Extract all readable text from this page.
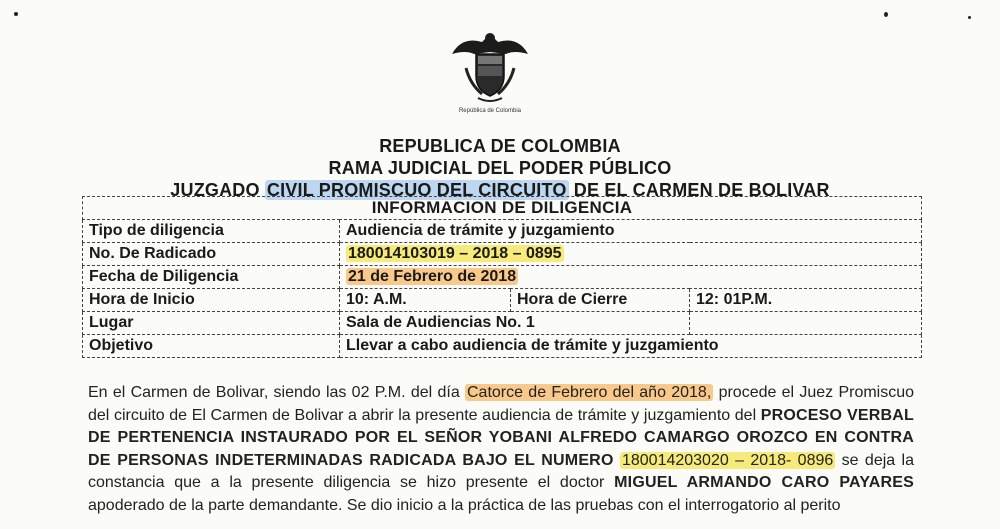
República de Colombia
REPUBLICA DE COLOMBIA
RAMA JUDICIAL DEL PODER PÚBLICO
JUZGADO CIVIL PROMISCUO DEL CIRCUITO DE EL CARMEN DE BOLIVAR
INFORMACION DE DILIGENCIA			
Tipo de diligencia	Audiencia de trámite y juzgamiento		
No. De Radicado	180014103019 – 2018 – 0895		
Fecha de Diligencia	21 de Febrero de 2018		
Hora de Inicio	10: A.M.	Hora de Cierre	12: 01P.M.
Lugar	Sala de Audiencias No. 1		
Objetivo	Llevar a cabo audiencia de trámite y juzgamiento		
En el Carmen de Bolivar, siendo las 02 P.M. del día Catorce de Febrero del año 2018, procede el Juez Promiscuo del circuito de El Carmen de Bolivar a abrir la presente audiencia de trámite y juzgamiento del PROCESO VERBAL DE PERTENENCIA INSTAURADO POR EL SEÑOR YOBANI ALFREDO CAMARGO OROZCO EN CONTRA DE PERSONAS INDETERMINADAS RADICADA BAJO EL NUMERO 180014203020 – 2018- 0896 se deja la constancia que a la presente diligencia se hizo presente el doctor MIGUEL ARMANDO CARO PAYARES apoderado de la parte demandante. Se dio inicio a la práctica de las pruebas con el interrogatorio al perito
